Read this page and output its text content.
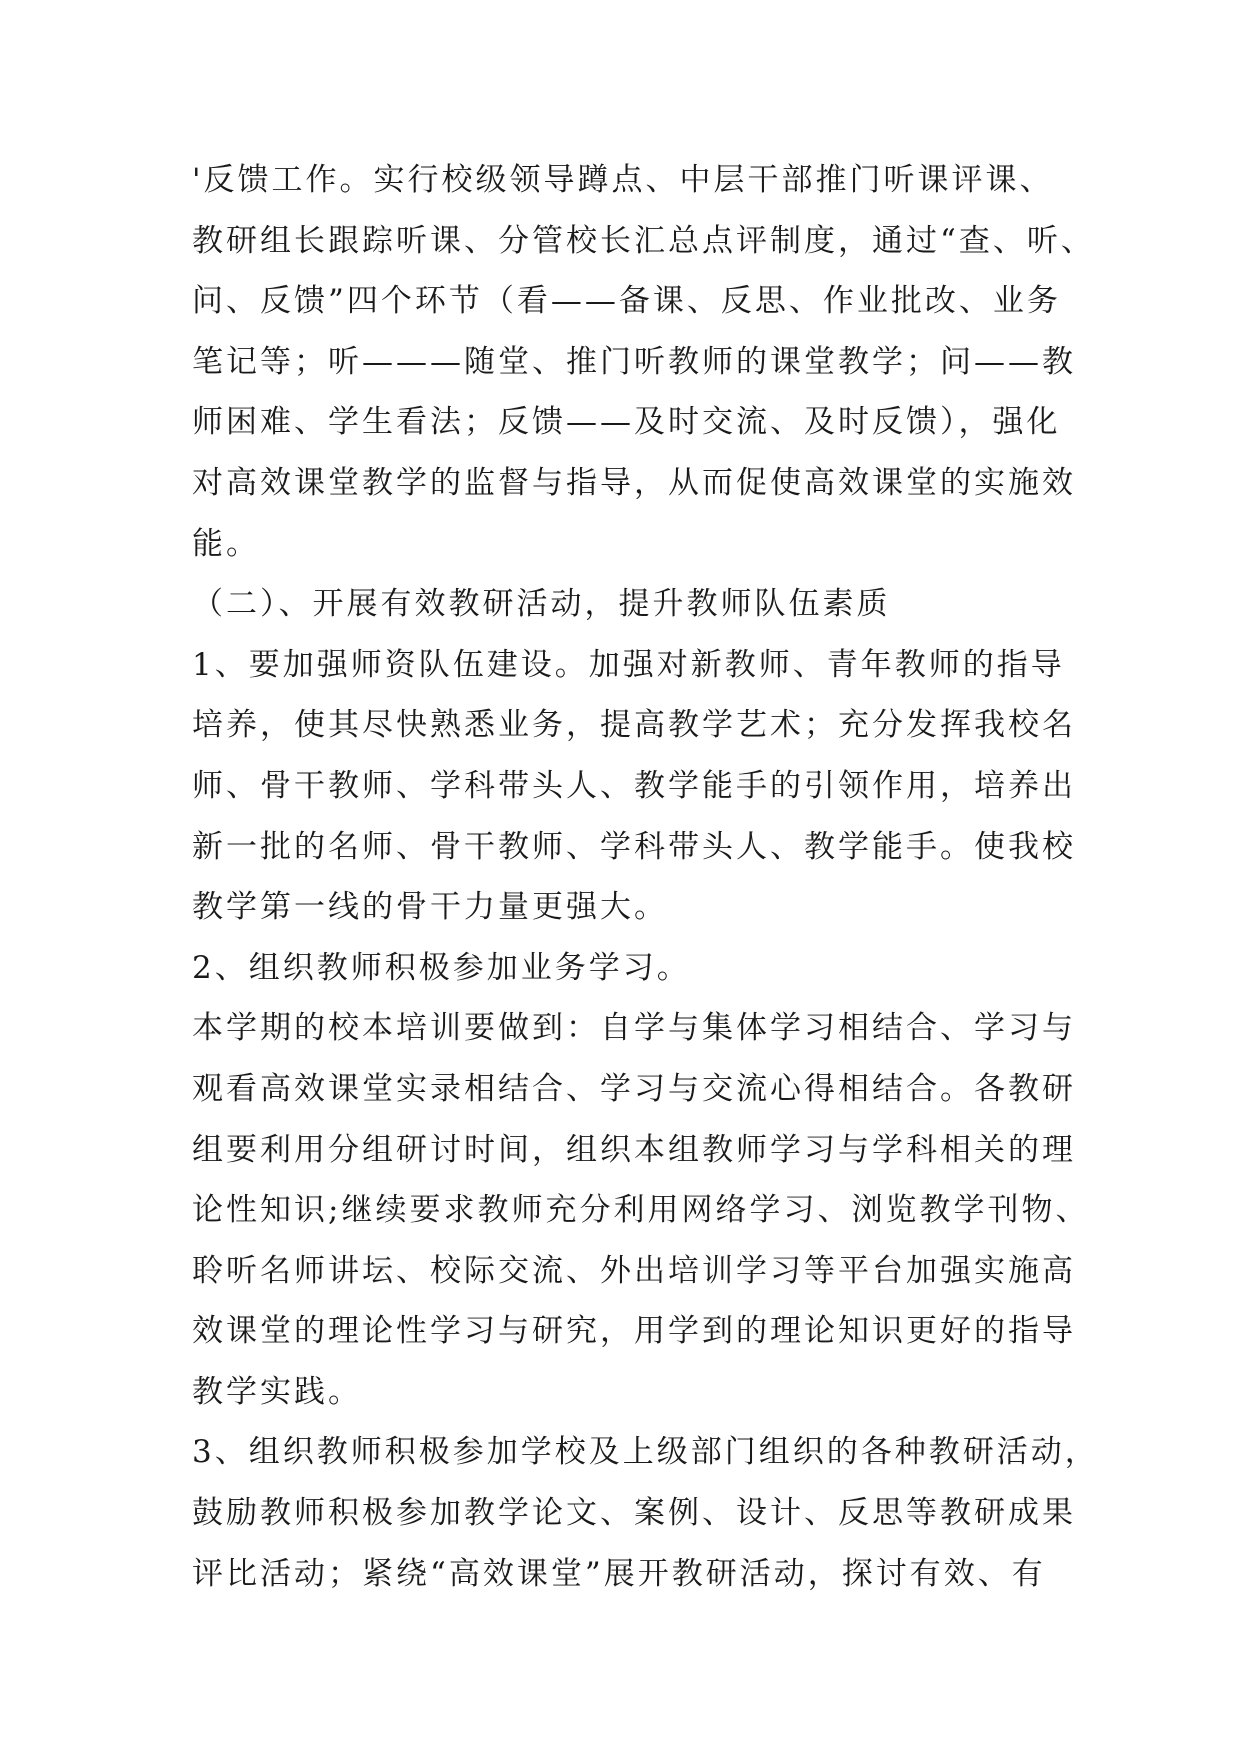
'反馈工作。实行校级领导蹲点、中层干部推门听课评课、
教研组长跟踪听课、分管校长汇总点评制度，通过“查、听、
问、反馈”四个环节（看——备课、反思、作业批改、业务
笔记等；听———随堂、推门听教师的课堂教学；问——教
师困难、学生看法；反馈——及时交流、及时反馈），强化
对高效课堂教学的监督与指导，从而促使高效课堂的实施效
能。
（二）、开展有效教研活动，提升教师队伍素质
1、要加强师资队伍建设。加强对新教师、青年教师的指导
培养，使其尽快熟悉业务，提高教学艺术；充分发挥我校名
师、骨干教师、学科带头人、教学能手的引领作用，培养出
新一批的名师、骨干教师、学科带头人、教学能手。使我校
教学第一线的骨干力量更强大。
2、组织教师积极参加业务学习。
本学期的校本培训要做到：自学与集体学习相结合、学习与
观看高效课堂实录相结合、学习与交流心得相结合。各教研
组要利用分组研讨时间，组织本组教师学习与学科相关的理
论性知识;继续要求教师充分利用网络学习、浏览教学刊物、
聆听名师讲坛、校际交流、外出培训学习等平台加强实施高
效课堂的理论性学习与研究，用学到的理论知识更好的指导
教学实践。
3、组织教师积极参加学校及上级部门组织的各种教研活动，
鼓励教师积极参加教学论文、案例、设计、反思等教研成果
评比活动；紧绕“高效课堂”展开教研活动，探讨有效、有
